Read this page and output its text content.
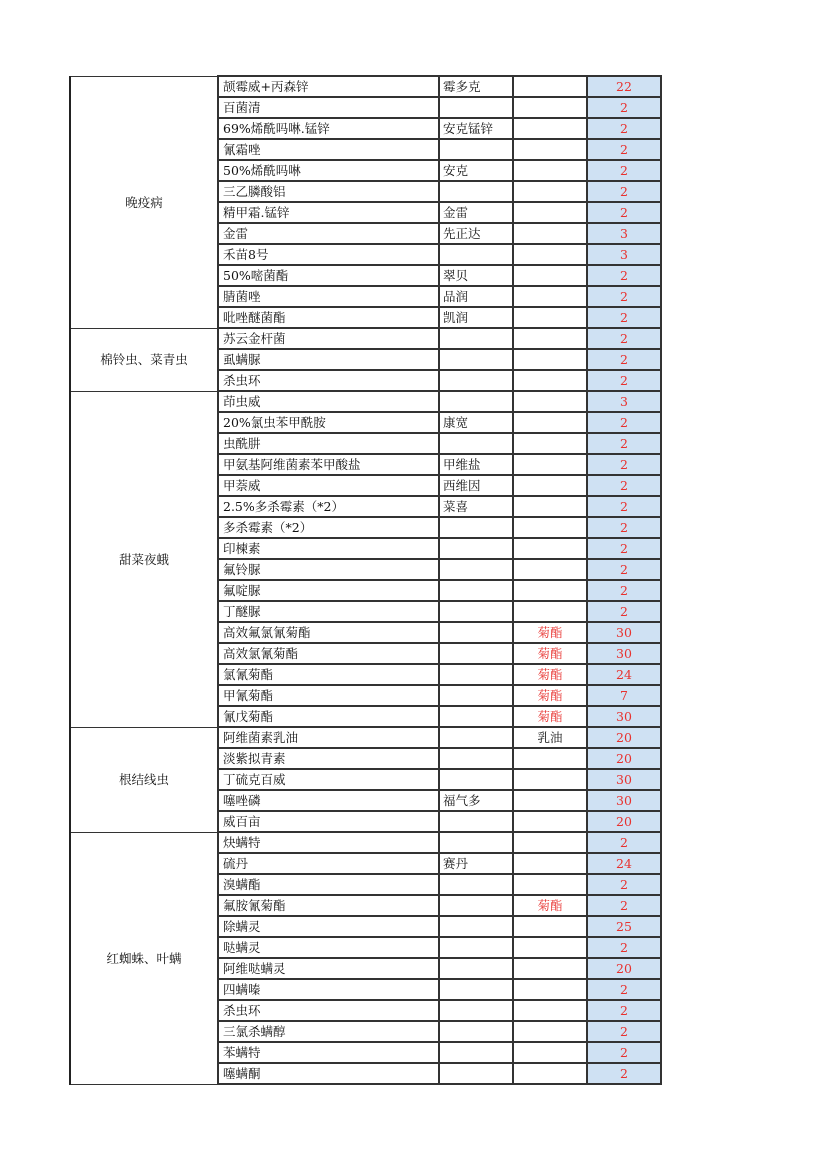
晚疫病	颉霉威+丙森锌	霉多克		22
	百菌清			2
	69%烯酰吗啉.锰锌	安克锰锌		2
	氰霜唑			2
	50%烯酰吗啉	安克		2
	三乙膦酸铝			2
	精甲霜.锰锌	金雷		2
	金雷	先正达		3
	禾苗8号			3
	50%嘧菌酯	翠贝		2
	腈菌唑	品润		2
	吡唑醚菌酯	凯润		2
棉铃虫、菜青虫	苏云金杆菌			2
	虱螨脲			2
	杀虫环			2
甜菜夜蛾	茚虫威			3
	20%氯虫苯甲酰胺	康宽		2
	虫酰肼			2
	甲氨基阿维菌素苯甲酸盐	甲维盐		2
	甲萘威	西维因		2
	2.5%多杀霉素（*2）	菜喜		2
	多杀霉素（*2）			2
	印楝素			2
	氟铃脲			2
	氟啶脲			2
	丁醚脲			2
	高效氟氯氰菊酯		菊酯	30
	高效氯氰菊酯		菊酯	30
	氯氰菊酯		菊酯	24
	甲氰菊酯		菊酯	7
	氰戊菊酯		菊酯	30
根结线虫	阿维菌素乳油		乳油	20
	淡紫拟青素			20
	丁硫克百威			30
	噻唑磷	福气多		30
	威百亩			20
红蜘蛛、叶螨	炔螨特			2
	硫丹	赛丹		24
	溴螨酯			2
	氟胺氰菊酯		菊酯	2
	除螨灵			25
	哒螨灵			2
	阿维哒螨灵			20
	四螨嗪			2
	杀虫环			2
	三氯杀螨醇			2
	苯螨特			2
	噻螨酮			2
